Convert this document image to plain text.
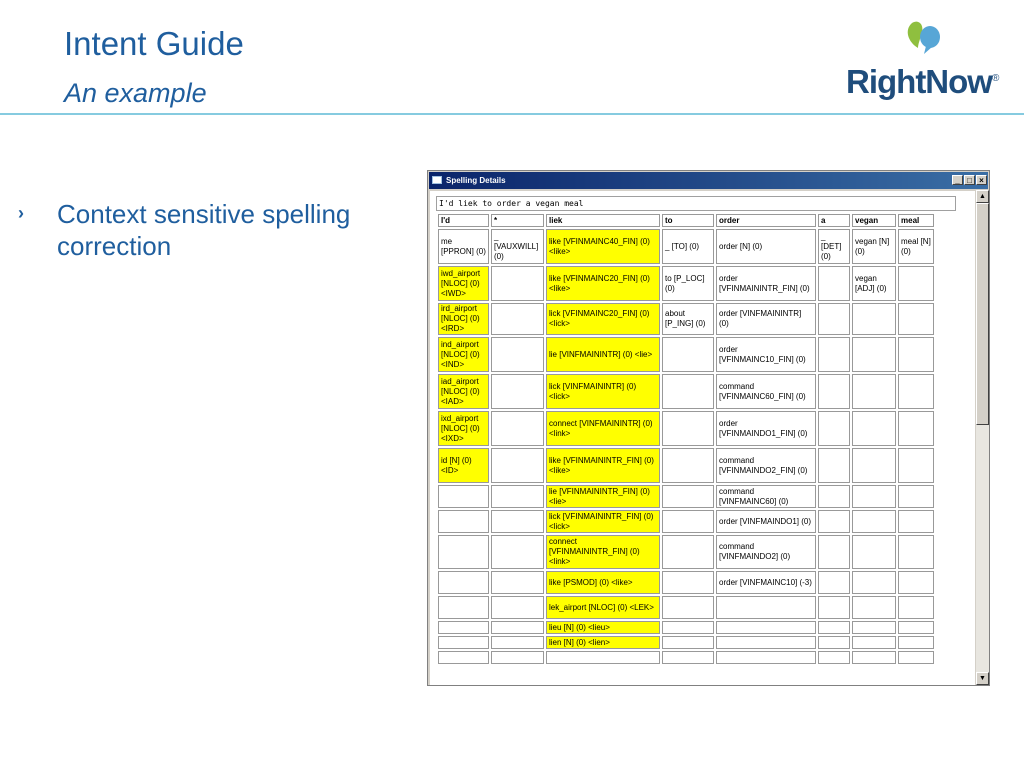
Intent Guide
An example	RightNow®
› Context sensitive spelling correction
Spelling Details	_ □ ×
I'd liek to order a vegan meal
I'd	*	liek	to	order	a	vegan	meal
me [PPRON] (0)	_ [VAUXWILL] (0)	like [VFINMAINC40_FIN] (0) <like>	_ [TO] (0)	order [N] (0)	_ [DET] (0)	vegan [N] (0)	meal [N] (0)
iwd_airport [NLOC] (0) <IWD>		like [VFINMAINC20_FIN] (0) <like>	to [P_LOC] (0)	order [VFINMAININTR_FIN] (0)		vegan [ADJ] (0)	
ird_airport [NLOC] (0) <IRD>		lick [VFINMAINC20_FIN] (0) <lick>	about [P_ING] (0)	order [VINFMAININTR] (0)			
ind_airport [NLOC] (0) <IND>		lie [VINFMAININTR] (0) <lie>		order [VFINMAINC10_FIN] (0)			
iad_airport [NLOC] (0) <IAD>		lick [VINFMAININTR] (0) <lick>		command [VFINMAINC60_FIN] (0)			
ixd_airport [NLOC] (0) <IXD>		connect [VINFMAININTR] (0) <link>		order [VFINMAINDO1_FIN] (0)			
id [N] (0) <ID>		like [VFINMAININTR_FIN] (0) <like>		command [VFINMAINDO2_FIN] (0)			
		lie [VFINMAININTR_FIN] (0) <lie>		command [VINFMAINC60] (0)			
		lick [VFINMAININTR_FIN] (0) <lick>		order [VINFMAINDO1] (0)			
		connect [VFINMAININTR_FIN] (0) <link>		command [VINFMAINDO2] (0)			
		like [PSMOD] (0) <like>		order [VINFMAINC10] (-3)			
		lek_airport [NLOC] (0) <LEK>					
		lieu [N] (0) <lieu>					
		lien [N] (0) <lien>					

▲
▼
